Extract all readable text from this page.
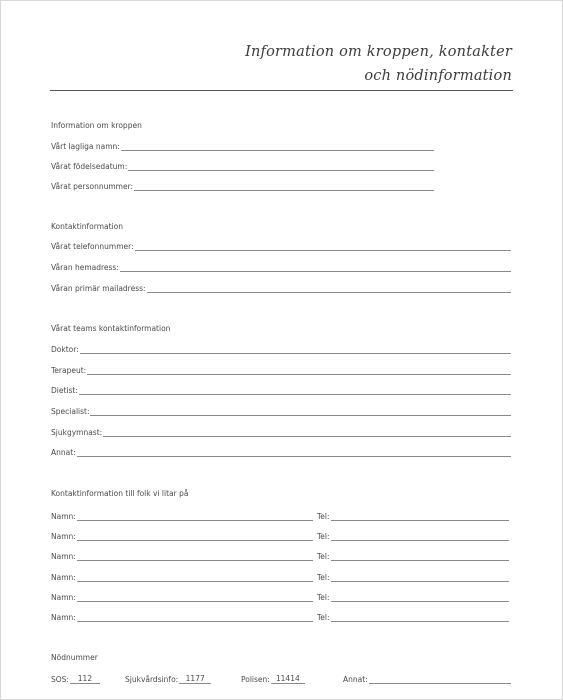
Information om kroppen, kontakter
och nödinformation
Information om kroppen
Vårt lagliga namn:
Vårat födelsedatum:
Vårat personnummer:
Kontaktinformation
Vårat telefonnummer:
Våran hemadress:
Våran primär mailadress:
Vårat teams kontaktinformation
Doktor:
Terapeut:
Dietist:
Specialist:
Sjukgymnast:
Annat:
Kontaktinformation till folk vi litar på
Namn:	Tel:
Namn:	Tel:
Namn:	Tel:
Namn:	Tel:
Namn:	Tel:
Namn:	Tel:
Nödnummer
SOS:	112	Sjukvårdsinfo: 1177	Polisen: 11414	Annat:
